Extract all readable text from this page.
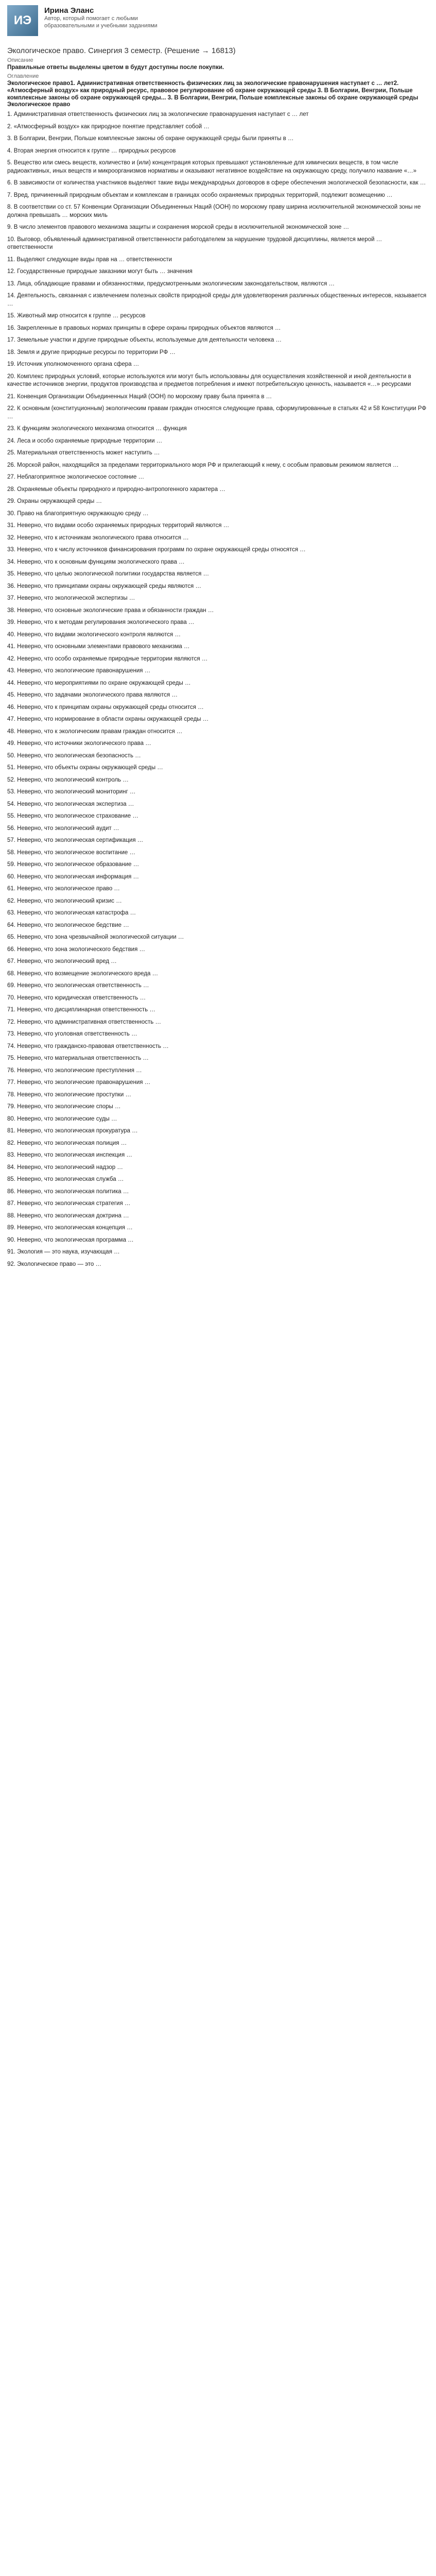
ИЭ
Ирина Эланс
Автор, который помогает с любыми образовательными и учебными заданиями
Экологическое право. Синергия 3 семестр. (Решение → 16813)
Описание
Правильные ответы выделены цветом в будут доступны после покупки.
Оглавление
Экологическое право1. Административная ответственность физических лиц за экологические правонарушения наступает с … лет2. «Атмосферный воздух» как природный ресурс, правовое регулирование об охране окружающей среды 3. В Болгарии, Венгрии, Польше комплексные законы об охране окружающей среды... 3. В Болгарии, Венгрии, Польше комплексные законы об охране окружающей среды
Экологическое право

1. Административная ответственность физических лиц за экологические правонарушения наступает с … лет

2. «Атмосферный воздух» как природное понятие представляет собой …

3. В Болгарии, Венгрии, Польше комплексные законы об охране окружающей среды были приняты в …

4. Вторая энергия относится к группе … природных ресурсов

5. Вещество или смесь веществ, количество и (или) концентрация которых превышают установленные для химических веществ, в том числе радиоактивных, иных веществ и микроорганизмов нормативы и оказывают негативное воздействие на окружающую среду, получило название «…»

6. В зависимости от количества участников выделяют такие виды международных договоров в сфере обеспечения экологической безопасности, как …

7. Вред, причиненный природным объектам и комплексам в границах особо охраняемых природных территорий, подлежит возмещению …

8. В соответствии со ст. 57 Конвенции Организации Объединенных Наций (ООН) по морскому праву ширина исключительной экономической зоны не должна превышать … морских миль

9. В число элементов правового механизма защиты и сохранения морской среды в исключительной экономической зоне …

10. Выговор, объявленный административной ответственности работодателем за нарушение трудовой дисциплины, является мерой … ответственности

11. Выделяют следующие виды прав на … ответственности

12. Государственные природные заказники могут быть … значения

13. Лица, обладающие правами и обязанностями, предусмотренными экологическим законодательством, являются …

14. Деятельность, связанная с извлечением полезных свойств природной среды для удовлетворения различных общественных интересов, называется …

15. Животный мир относится к группе … ресурсов

16. Закрепленные в правовых нормах принципы в сфере охраны природных объектов являются …

17. Земельные участки и другие природные объекты, используемые для деятельности человека …

18. Земля и другие природные ресурсы по территории РФ …

19. Источник уполномоченного органа сфера …

20. Комплекс природных условий, которые используются или могут быть использованы для осуществления хозяйственной и иной деятельности в качестве источников энергии, продуктов производства и предметов потребления и имеют потребительскую ценность, называется «…» ресурсами

21. Конвенция Организации Объединенных Наций (ООН) по морскому праву была принята в …

22. К основным (конституционным) экологическим правам граждан относятся следующие права, сформулированные в статьях 42 и 58 Конституции РФ …

23. К функциям экологического механизма относится … функция

24. Леса и особо охраняемые природные территории …

25. Материальная ответственность может наступить …

26. Морской район, находящийся за пределами территориального моря РФ и прилегающий к нему, с особым правовым режимом является …

27. Неблагоприятное экологическое состояние …

28. Охраняемые объекты природного и природно-антропогенного характера …

29. Охраны окружающей среды …

30. Право на благоприятную окружающую среду …

31. Неверно, что видами особо охраняемых природных территорий являются …

32. Неверно, что к источникам экологического права относится …

33. Неверно, что к числу источников финансирования программ по охране окружающей среды относятся …

34. Неверно, что к основным функциям экологического права …

35. Неверно, что целью экологической политики государства является …

36. Неверно, что принципами охраны окружающей среды являются …

37. Неверно, что экологической экспертизы …

38. Неверно, что основные экологические права и обязанности граждан …

39. Неверно, что к методам регулирования экологического права …

40. Неверно, что видами экологического контроля являются …

41. Неверно, что основными элементами правового механизма …

42. Неверно, что особо охраняемые природные территории являются …

43. Неверно, что экологические правонарушения …

44. Неверно, что мероприятиями по охране окружающей среды …

45. Неверно, что задачами экологического права являются …

46. Неверно, что к принципам охраны окружающей среды относится …

47. Неверно, что нормирование в области охраны окружающей среды …

48. Неверно, что к экологическим правам граждан относится …

49. Неверно, что источники экологического права …

50. Неверно, что экологическая безопасность …

51. Неверно, что объекты охраны окружающей среды …

52. Неверно, что экологический контроль …

53. Неверно, что экологический мониторинг …

54. Неверно, что экологическая экспертиза …

55. Неверно, что экологическое страхование …

56. Неверно, что экологический аудит …

57. Неверно, что экологическая сертификация …

58. Неверно, что экологическое воспитание …

59. Неверно, что экологическое образование …

60. Неверно, что экологическая информация …

61. Неверно, что экологическое право …

62. Неверно, что экологический кризис …

63. Неверно, что экологическая катастрофа …

64. Неверно, что экологическое бедствие …

65. Неверно, что зона чрезвычайной экологической ситуации …

66. Неверно, что зона экологического бедствия …

67. Неверно, что экологический вред …

68. Неверно, что возмещение экологического вреда …

69. Неверно, что экологическая ответственность …

70. Неверно, что юридическая ответственность …

71. Неверно, что дисциплинарная ответственность …

72. Неверно, что административная ответственность …

73. Неверно, что уголовная ответственность …

74. Неверно, что гражданско-правовая ответственность …

75. Неверно, что материальная ответственность …

76. Неверно, что экологические преступления …

77. Неверно, что экологические правонарушения …

78. Неверно, что экологические проступки …

79. Неверно, что экологические споры …

80. Неверно, что экологические суды …

81. Неверно, что экологическая прокуратура …

82. Неверно, что экологическая полиция …

83. Неверно, что экологическая инспекция …

84. Неверно, что экологический надзор …

85. Неверно, что экологическая служба …

86. Неверно, что экологическая политика …

87. Неверно, что экологическая стратегия …

88. Неверно, что экологическая доктрина …

89. Неверно, что экологическая концепция …

90. Неверно, что экологическая программа …

91. Экология — это наука, изучающая …

92. Экологическое право — это …
